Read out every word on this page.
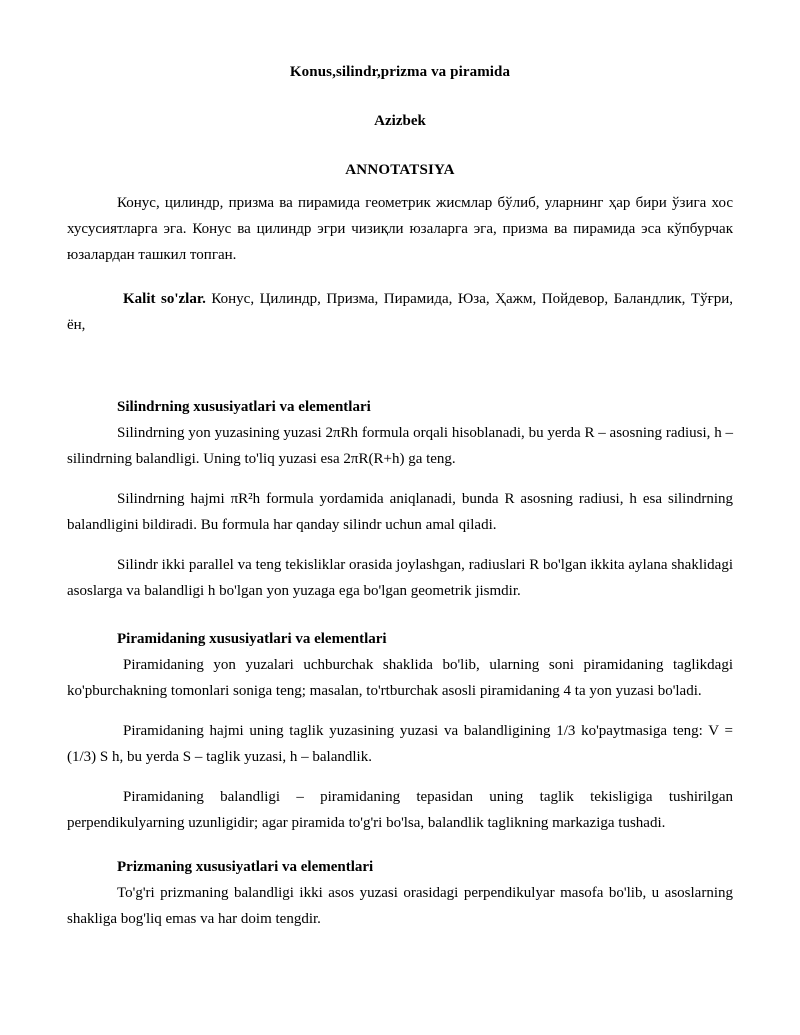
Konus,silindr,prizma va piramida
Azizbek
ANNOTATSIYA

Конус, цилиндр, призма ва пирамида геометрик жисмлар бўлиб, уларнинг ҳар бири ўзига хос хусусиятларга эга. Конус ва цилиндр эгри чизиқли юзаларга эга, призма ва пирамида эса кўпбурчак юзалардан ташкил топган.

Kalit so'zlar. Конус, Цилиндр, Призма, Пирамида, Юза, Ҳажм, Пойдевор, Баландлик, Тўғри, ён,

Silindrning xususiyatlari va elementlari

Silindrning yon yuzasining yuzasi 2πRh formula orqali hisoblanadi, bu yerda R – asosning radiusi, h – silindrning balandligi. Uning to'liq yuzasi esa 2πR(R+h) ga teng.

Silindrning hajmi πR²h formula yordamida aniqlanadi, bunda R asosning radiusi, h esa silindrning balandligini bildiradi. Bu formula har qanday silindr uchun amal qiladi.

Silindr ikki parallel va teng tekisliklar orasida joylashgan, radiuslari R bo'lgan ikkita aylana shaklidagi asoslarga va balandligi h bo'lgan yon yuzaga ega bo'lgan geometrik jismdir.

Piramidaning xususiyatlari va elementlari

Piramidaning yon yuzalari uchburchak shaklida bo'lib, ularning soni piramidaning taglikdagi ko'pburchakning tomonlari soniga teng; masalan, to'rtburchak asosli piramidaning 4 ta yon yuzasi bo'ladi.

Piramidaning hajmi uning taglik yuzasining yuzasi va balandligining 1/3 ko'paytmasiga teng: V = (1/3) S h, bu yerda S – taglik yuzasi, h – balandlik.

Piramidaning balandligi – piramidaning tepasidan uning taglik tekisligiga tushirilgan perpendikulyarning uzunligidir; agar piramida to'g'ri bo'lsa, balandlik taglikning markaziga tushadi.

Prizmaning xususiyatlari va elementlari

To'g'ri prizmaning balandligi ikki asos yuzasi orasidagi perpendikulyar masofa bo'lib, u asoslarning shakliga bog'liq emas va har doim tengdir.
